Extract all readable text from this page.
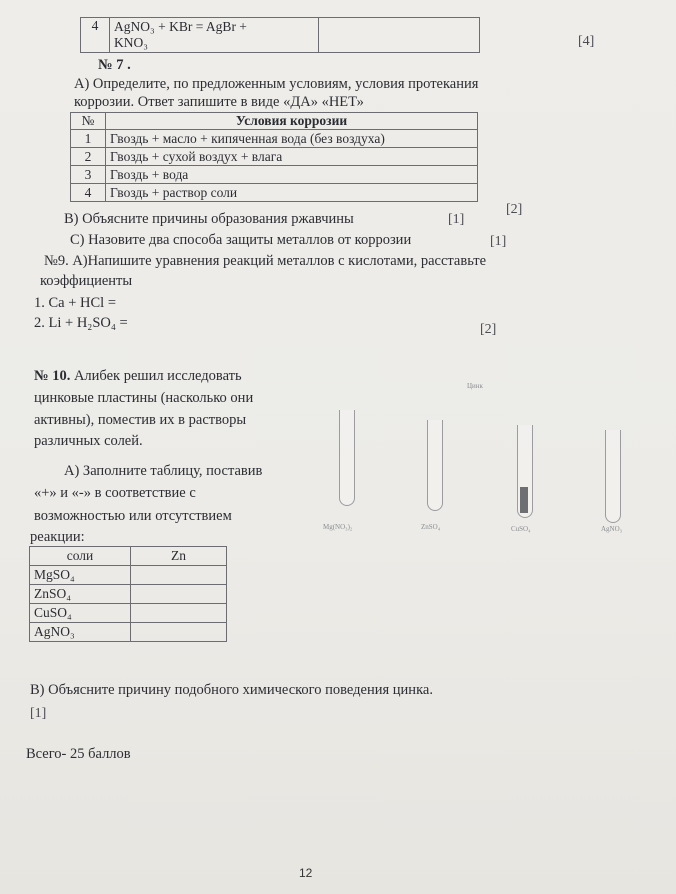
4	AgNO₃ + KBr = AgBr +
KNO₃
		[4]
№ 7 .
А) Определите, по предложенным условиям, условия протекания
коррозии. Ответ запишите в виде «ДА» «НЕТ»
№	Условия коррозии
1	Гвоздь + масло + кипяченная вода (без воздуха)
2	Гвоздь + сухой воздух + влага
3	Гвоздь + вода
4	Гвоздь + раствор соли
[2]
В) Объясните причины образования ржавчины	[1]
С) Назовите два способа защиты металлов от коррозии	[1]
№9. А)Напишите уравнения реакций металлов с кислотами, расставьте
коэффициенты
1. Ca + HCl =
2. Li + H₂SO₄ =	[2]
№ 10. Алибек решил исследовать
цинковые пластины (насколько они
активны), поместив их в растворы
различных солей.
А) Заполните таблицу, поставив
«+» и «-» в соответствие с
возможностью или отсутствием
реакции:
соли	Zn
MgSO₄	
ZnSO₄	
CuSO₄	
AgNO₃	
Цинк
Mg(NO₃)₂	ZnSO₄	CuSO₄	AgNO₃
В) Объясните причину подобного химического поведения цинка.
[1]
Всего- 25 баллов
12
